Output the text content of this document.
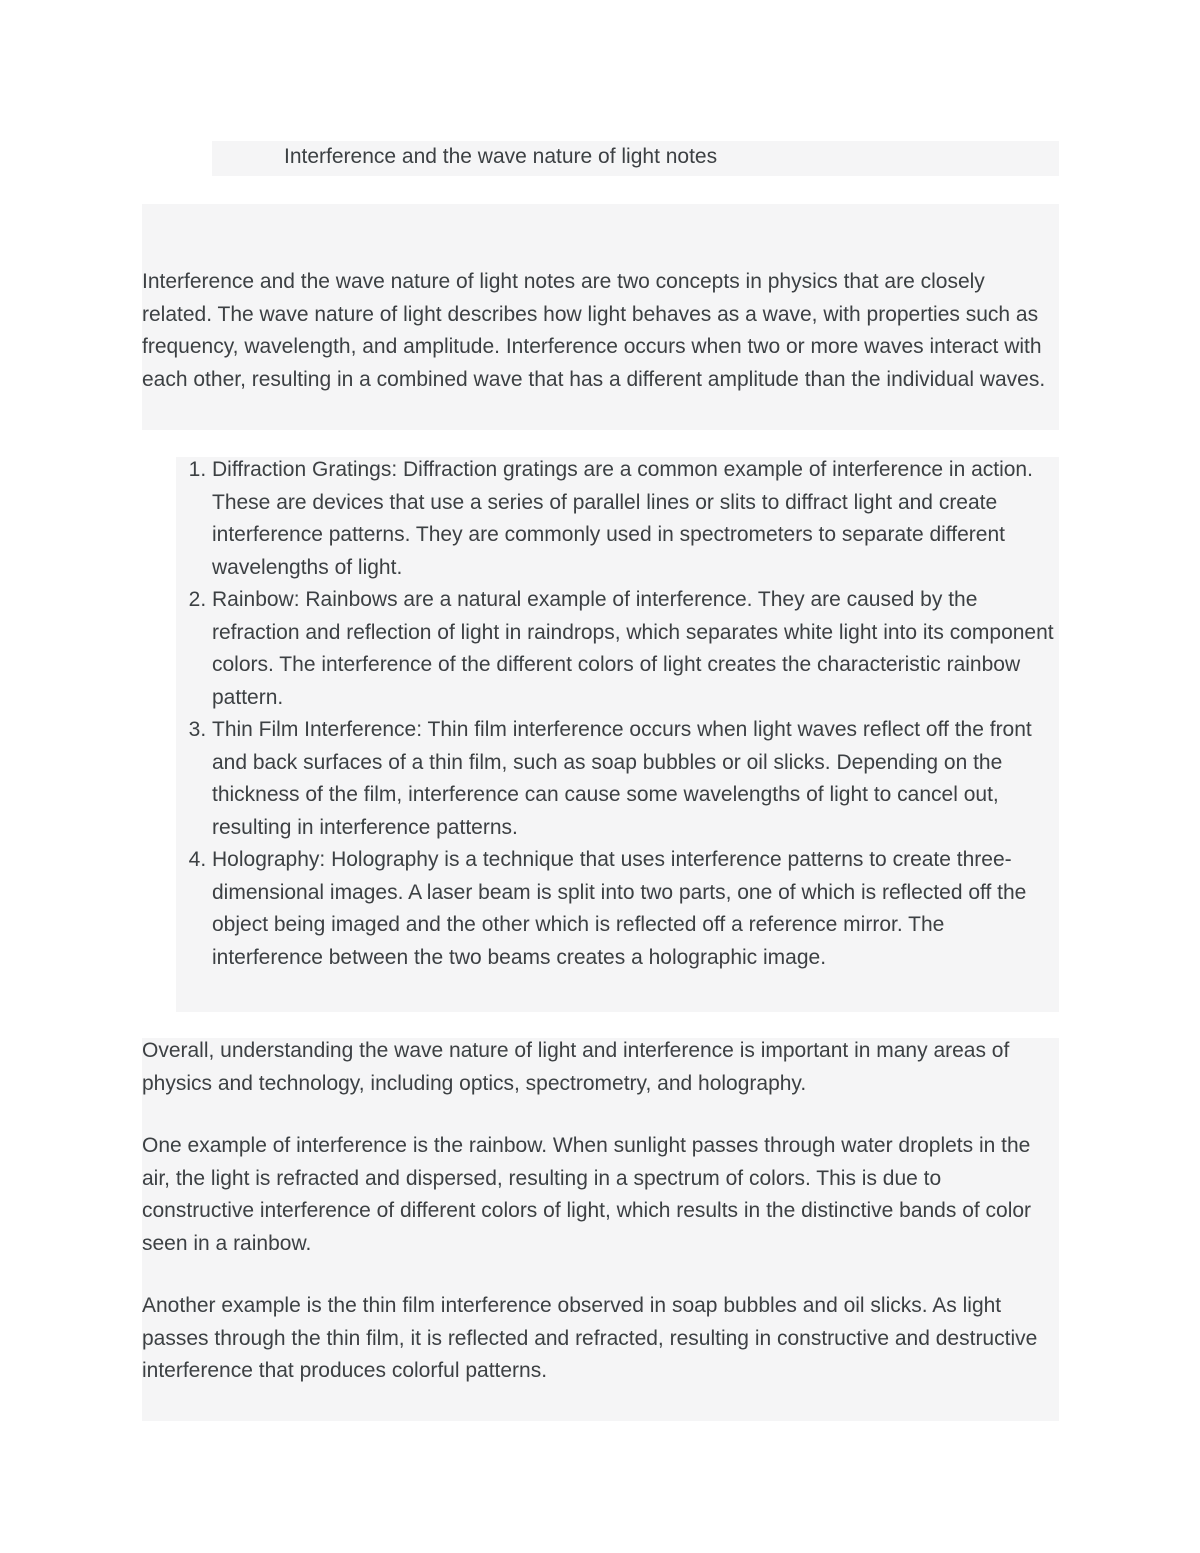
Interference and the wave nature of light notes

Interference and the wave nature of light notes are two concepts in physics that are closely related. The wave nature of light describes how light behaves as a wave, with properties such as frequency, wavelength, and amplitude. Interference occurs when two or more waves interact with each other, resulting in a combined wave that has a different amplitude than the individual waves.

1. Diffraction Gratings: Diffraction gratings are a common example of interference in action. These are devices that use a series of parallel lines or slits to diffract light and create interference patterns. They are commonly used in spectrometers to separate different wavelengths of light.
2. Rainbow: Rainbows are a natural example of interference. They are caused by the refraction and reflection of light in raindrops, which separates white light into its component colors. The interference of the different colors of light creates the characteristic rainbow pattern.
3. Thin Film Interference: Thin film interference occurs when light waves reflect off the front and back surfaces of a thin film, such as soap bubbles or oil slicks. Depending on the thickness of the film, interference can cause some wavelengths of light to cancel out, resulting in interference patterns.
4. Holography: Holography is a technique that uses interference patterns to create three-dimensional images. A laser beam is split into two parts, one of which is reflected off the object being imaged and the other which is reflected off a reference mirror. The interference between the two beams creates a holographic image.

Overall, understanding the wave nature of light and interference is important in many areas of physics and technology, including optics, spectrometry, and holography.

One example of interference is the rainbow. When sunlight passes through water droplets in the air, the light is refracted and dispersed, resulting in a spectrum of colors. This is due to constructive interference of different colors of light, which results in the distinctive bands of color seen in a rainbow.

Another example is the thin film interference observed in soap bubbles and oil slicks. As light passes through the thin film, it is reflected and refracted, resulting in constructive and destructive interference that produces colorful patterns.
